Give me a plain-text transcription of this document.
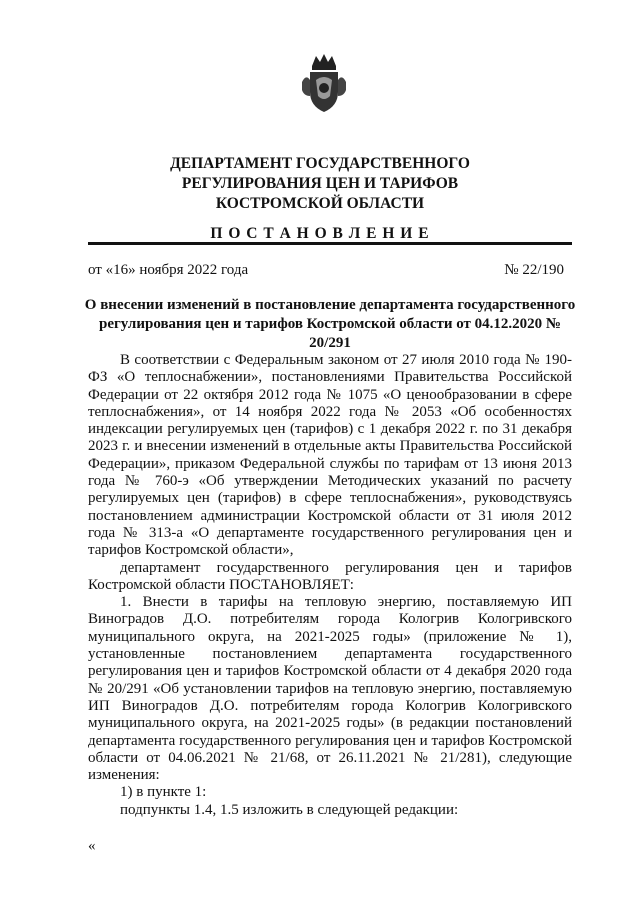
ДЕПАРТАМЕНТ ГОСУДАРСТВЕННОГО
РЕГУЛИРОВАНИЯ ЦЕН И ТАРИФОВ
КОСТРОМСКОЙ ОБЛАСТИ
П О С Т А Н О В Л Е Н И Е
от «16» ноября 2022 года	№ 22/190
О внесении изменений в постановление департамента государственного регулирования цен и тарифов Костромской области от 04.12.2020 № 20/291

В соответствии с Федеральным законом от 27 июля 2010 года № 190-ФЗ «О теплоснабжении», постановлениями Правительства Российской Федерации от 22 октября 2012 года № 1075 «О ценообразовании в сфере теплоснабжения», от 14 ноября 2022 года № 2053 «Об особенностях индексации регулируемых цен (тарифов) с 1 декабря 2022 г. по 31 декабря 2023 г. и внесении изменений в отдельные акты Правительства Российской Федерации», приказом Федеральной службы по тарифам от 13 июня 2013 года № 760-э «Об утверждении Методических указаний по расчету регулируемых цен (тарифов) в сфере теплоснабжения», руководствуясь постановлением администрации Костромской области от 31 июля 2012 года № 313-а «О департаменте государственного регулирования цен и тарифов Костромской области»,

департамент государственного регулирования цен и тарифов Костромской области ПОСТАНОВЛЯЕТ:

1. Внести в тарифы на тепловую энергию, поставляемую ИП Виноградов Д.О. потребителям города Кологрив Кологривского муниципального округа, на 2021-2025 годы» (приложение № 1), установленные постановлением департамента государственного регулирования цен и тарифов Костромской области от 4 декабря 2020 года № 20/291 «Об установлении тарифов на тепловую энергию, поставляемую ИП Виноградов Д.О. потребителям города Кологрив Кологривского муниципального округа, на 2021-2025 годы» (в редакции постановлений департамента государственного регулирования цен и тарифов Костромской области от 04.06.2021 № 21/68, от 26.11.2021 № 21/281), следующие изменения:

1) в пункте 1:

подпункты 1.4, 1.5 изложить в следующей редакции:

«
